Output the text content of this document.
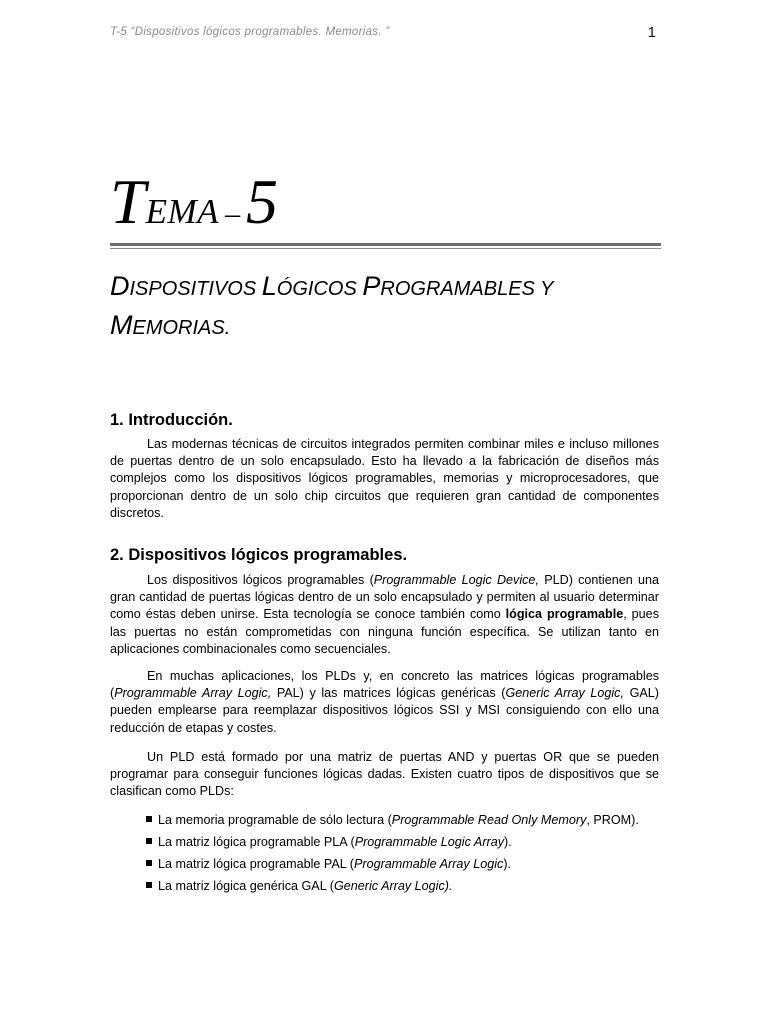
T-5 “Dispositivos lógicos programables. Memorias. ”	1
TEMA –5
DISPOSITIVOS LÓGICOS PROGRAMABLES Y
MEMORIAS.
1. Introducción.

Las modernas técnicas de circuitos integrados permiten combinar miles e incluso millones de puertas dentro de un solo encapsulado. Esto ha llevado a la fabricación de diseños más complejos como los dispositivos lógicos programables, memorias y microprocesadores, que proporcionan dentro de un solo chip circuitos que requieren gran cantidad de componentes discretos.

2. Dispositivos lógicos programables.

Los dispositivos lógicos programables (Programmable Logic Device, PLD) contienen una gran cantidad de puertas lógicas dentro de un solo encapsulado y permiten al usuario determinar como éstas deben unirse. Esta tecnología se conoce también como lógica programable, pues las puertas no están comprometidas con ninguna función específica. Se utilizan tanto en aplicaciones combinacionales como secuenciales.

En muchas aplicaciones, los PLDs y, en concreto las matrices lógicas programables (Programmable Array Logic, PAL) y las matrices lógicas genéricas (Generic Array Logic, GAL) pueden emplearse para reemplazar dispositivos lógicos SSI y MSI consiguiendo con ello una reducción de etapas y costes.

Un PLD está formado por una matriz de puertas AND y puertas OR que se pueden programar para conseguir funciones lógicas dadas. Existen cuatro tipos de dispositivos que se clasifican como PLDs:

La memoria programable de sólo lectura (Programmable Read Only Memory, PROM).
La matriz lógica programable PLA (Programmable Logic Array).
La matriz lógica programable PAL (Programmable Array Logic).
La matriz lógica genérica GAL (Generic Array Logic).
